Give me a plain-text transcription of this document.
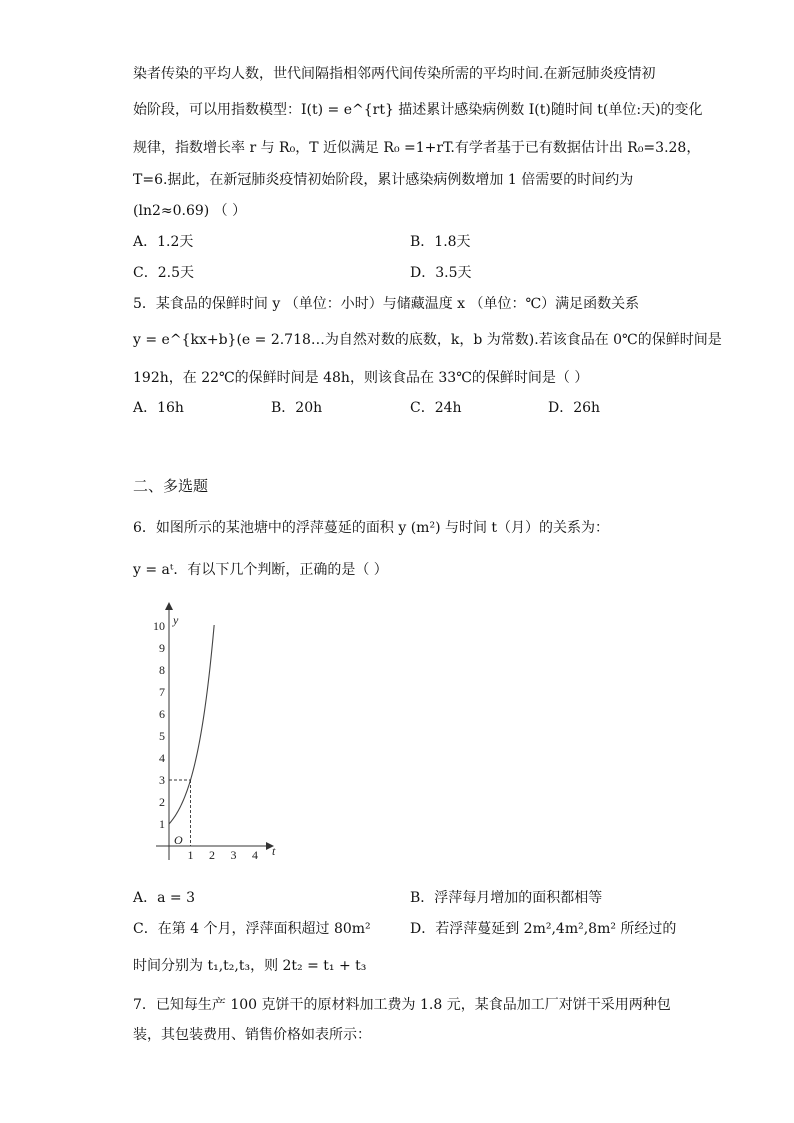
染者传染的平均人数，世代间隔指相邻两代间传染所需的平均时间.在新冠肺炎疫情初
始阶段，可以用指数模型：I(t) = e^{rt} 描述累计感染病例数 I(t)随时间 t(单位:天)的变化
规律，指数增长率 r 与 R₀，T 近似满足 R₀ =1+rT.有学者基于已有数据估计出 R₀=3.28，
T=6.据此，在新冠肺炎疫情初始阶段，累计感染病例数增加 1 倍需要的时间约为
(ln2≈0.69) （ ）
A．1.2天	B．1.8天
C．2.5天	D．3.5天
5．某食品的保鲜时间 y （单位：小时）与储藏温度 x （单位：℃）满足函数关系
y = e^{kx+b}(e = 2.718…为自然对数的底数，k，b 为常数).若该食品在 0℃的保鲜时间是
192h，在 22℃的保鲜时间是 48h，则该食品在 33℃的保鲜时间是（ ）
A．16h	B．20h	C．24h	D．26h
二、多选题
6．如图所示的某池塘中的浮萍蔓延的面积 y (m²) 与时间 t（月）的关系为：
y = aᵗ．有以下几个判断，正确的是（ ）
y
t
O
1
2
3
4
5
6
7
8
9
10
1 2 3 4
A．a = 3	B．浮萍每月增加的面积都相等
C．在第 4 个月，浮萍面积超过 80m²	D．若浮萍蔓延到 2m²,4m²,8m² 所经过的
时间分别为 t₁,t₂,t₃，则 2t₂ = t₁ + t₃
7．已知每生产 100 克饼干的原材料加工费为 1.8 元，某食品加工厂对饼干采用两种包
装，其包装费用、销售价格如表所示：
